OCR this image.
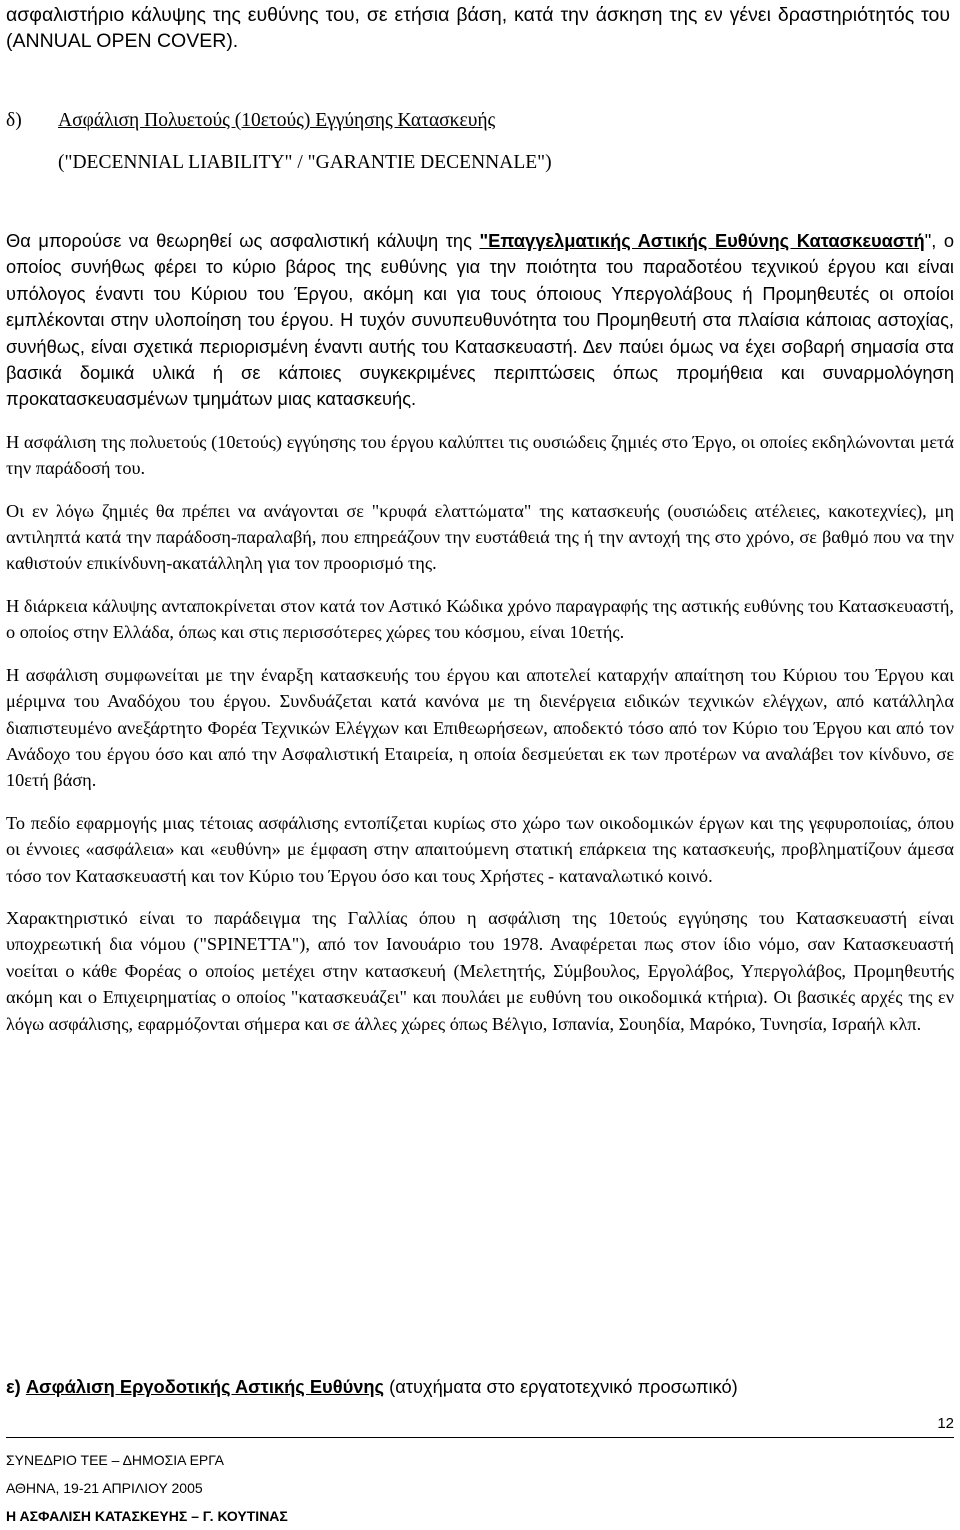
ασφαλιστήριο κάλυψης της ευθύνης του, σε ετήσια βάση, κατά την άσκηση της εν γένει δραστηριότητός του (ANNUAL OPEN COVER).
δ) Ασφάλιση Πολυετούς (10ετούς) Εγγύησης Κατασκευής
("DECENNIAL LIABILITY" / "GARANTIE DECENNALE")

Θα μπορούσε να θεωρηθεί ως ασφαλιστική κάλυψη της "Επαγγελματικής Αστικής Ευθύνης Κατασκευαστή", ο οποίος συνήθως φέρει το κύριο βάρος της ευθύνης για την ποιότητα του παραδοτέου τεχνικού έργου και είναι υπόλογος έναντι του Κύριου του Έργου, ακόμη και για τους όποιους Υπεργολάβους ή Προμηθευτές οι οποίοι εμπλέκονται στην υλοποίηση του έργου. Η τυχόν συνυπευθυνότητα του Προμηθευτή στα πλαίσια κάποιας αστοχίας, συνήθως, είναι σχετικά περιορισμένη έναντι αυτής του Κατασκευαστή. Δεν παύει όμως να έχει σοβαρή σημασία στα βασικά δομικά υλικά ή σε κάποιες συγκεκριμένες περιπτώσεις όπως προμήθεια και συναρμολόγηση προκατασκευασμένων τμημάτων μιας κατασκευής.

Η ασφάλιση της πολυετούς (10ετούς) εγγύησης του έργου καλύπτει τις ουσιώδεις ζημιές στο Έργο, οι οποίες εκδηλώνονται μετά την παράδοσή του.

Οι εν λόγω ζημιές θα πρέπει να ανάγονται σε "κρυφά ελαττώματα" της κατασκευής (ουσιώδεις ατέλειες, κακοτεχνίες), μη αντιληπτά κατά την παράδοση-παραλαβή, που επηρεάζουν την ευστάθειά της ή την αντοχή της στο χρόνο, σε βαθμό που να την καθιστούν επικίνδυνη-ακατάλληλη για τον προορισμό της.

Η διάρκεια κάλυψης ανταποκρίνεται στον κατά τον Αστικό Κώδικα χρόνο παραγραφής της αστικής ευθύνης του Κατασκευαστή, ο οποίος στην Ελλάδα, όπως και στις περισσότερες χώρες του κόσμου, είναι 10ετής.

Η ασφάλιση συμφωνείται με την έναρξη κατασκευής του έργου και αποτελεί καταρχήν απαίτηση του Κύριου του Έργου και μέριμνα του Αναδόχου του έργου. Συνδυάζεται κατά κανόνα με τη διενέργεια ειδικών τεχνικών ελέγχων, από κατάλληλα διαπιστευμένο ανεξάρτητο Φορέα Τεχνικών Ελέγχων και Επιθεωρήσεων, αποδεκτό τόσο από τον Κύριο του Έργου και από τον Ανάδοχο του έργου όσο και από την Ασφαλιστική Εταιρεία, η οποία δεσμεύεται εκ των προτέρων να αναλάβει τον κίνδυνο, σε 10ετή βάση.

Το πεδίο εφαρμογής μιας τέτοιας ασφάλισης εντοπίζεται κυρίως στο χώρο των οικοδομικών έργων και της γεφυροποιίας, όπου οι έννοιες «ασφάλεια» και «ευθύνη» με έμφαση στην απαιτούμενη στατική επάρκεια της κατασκευής, προβληματίζουν άμεσα τόσο τον Κατασκευαστή και τον Κύριο του Έργου όσο και τους Χρήστες - καταναλωτικό κοινό.

Χαρακτηριστικό είναι το παράδειγμα της Γαλλίας όπου η ασφάλιση της 10ετούς εγγύησης του Κατασκευαστή είναι υποχρεωτική δια νόμου ("SPINETTA"), από τον Ιανουάριο του 1978. Αναφέρεται πως στον ίδιο νόμο, σαν Κατασκευαστή νοείται ο κάθε Φορέας ο οποίος μετέχει στην κατασκευή (Μελετητής, Σύμβουλος, Εργολάβος, Υπεργολάβος, Προμηθευτής ακόμη και ο Επιχειρηματίας ο οποίος "κατασκευάζει" και πουλάει με ευθύνη του οικοδομικά κτήρια). Οι βασικές αρχές της εν λόγω ασφάλισης, εφαρμόζονται σήμερα και σε άλλες χώρες όπως Βέλγιο, Ισπανία, Σουηδία, Μαρόκο, Τυνησία, Ισραήλ κλπ.

ε) Ασφάλιση Εργοδοτικής Αστικής Ευθύνης (ατυχήματα στο εργατοτεχνικό προσωπικό)
12
ΣΥΝΕΔΡΙΟ ΤΕΕ – ΔΗΜΟΣΙΑ ΕΡΓΑ
ΑΘΗΝΑ, 19-21 ΑΠΡΙΛΙΟΥ 2005
Η ΑΣΦΑΛΙΣΗ ΚΑΤΑΣΚΕΥΗΣ – Γ. ΚΟΥΤΙΝΑΣ
